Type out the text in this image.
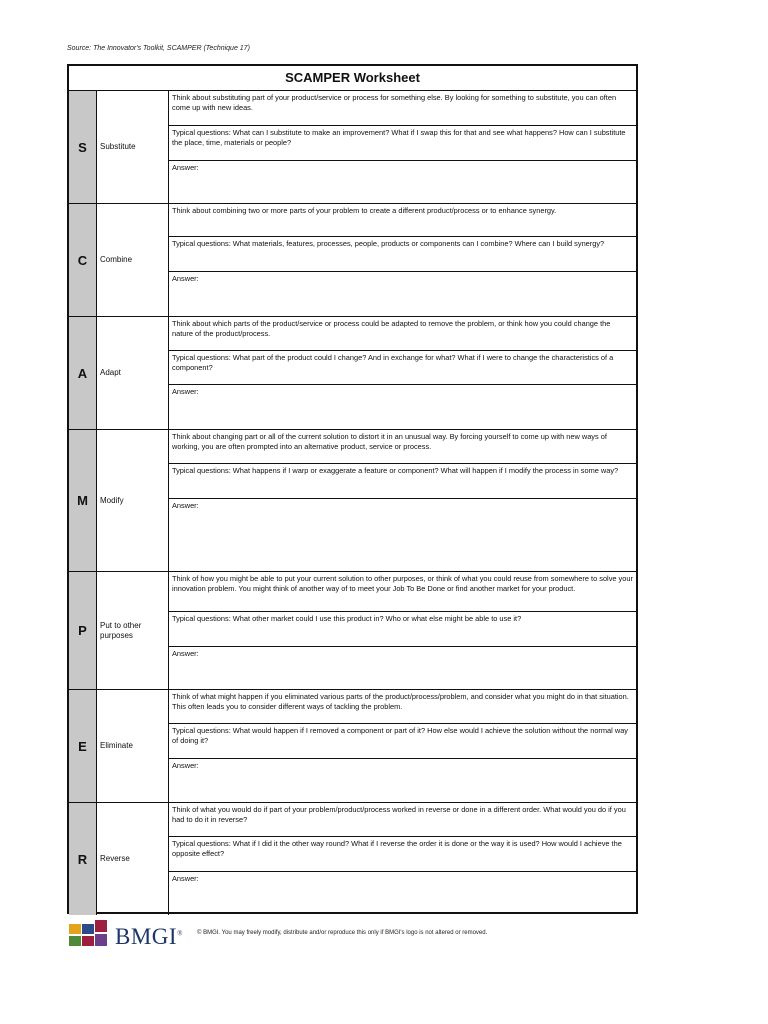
Source: The Innovator's Toolkit, SCAMPER (Technique 17)
SCAMPER Worksheet
S	Substitute
Think about substituting part of your product/service or process for something else. By looking for something to substitute, you can often come up with new ideas.
Typical questions: What can I substitute to make an improvement? What if I swap this for that and see what happens? How can I substitute the place, time, materials or people?
Answer:
C	Combine
Think about combining two or more parts of your problem to create a different product/process or to enhance synergy.
Typical questions: What materials, features, processes, people, products or components can I combine? Where can I build synergy?
Answer:
A	Adapt
Think about which parts of the product/service or process could be adapted to remove the problem, or think how you could change the nature of the product/process.
Typical questions: What part of the product could I change? And in exchange for what? What if I were to change the characteristics of a component?
Answer:
M	Modify
Think about changing part or all of the current solution to distort it in an unusual way. By forcing yourself to come up with new ways of working, you are often prompted into an alternative product, service or process.
Typical questions: What happens if I warp or exaggerate a feature or component? What will happen if I modify the process in some way?
Answer:
P	Put to other purposes
Think of how you might be able to put your current solution to other purposes, or think of what you could reuse from somewhere to solve your innovation problem. You might think of another way of to meet your Job To Be Done or find another market for your product.
Typical questions: What other market could I use this product in? Who or what else might be able to use it?
Answer:
E	Eliminate
Think of what might happen if you eliminated various parts of the product/process/problem, and consider what you might do in that situation. This often leads you to consider different ways of tackling the problem.
Typical questions: What would happen if I removed a component or part of it? How else would I achieve the solution without the normal way of doing it?
Answer:
R	Reverse
Think of what you would do if part of your problem/product/process worked in reverse or done in a different order. What would you do if you had to do it in reverse?
Typical questions: What if I did it the other way round? What if I reverse the order it is done or the way it is used? How would I achieve the opposite effect?
Answer:
BMGI® © BMGI. You may freely modify, distribute and/or reproduce this only if BMGI's logo is not altered or removed.
